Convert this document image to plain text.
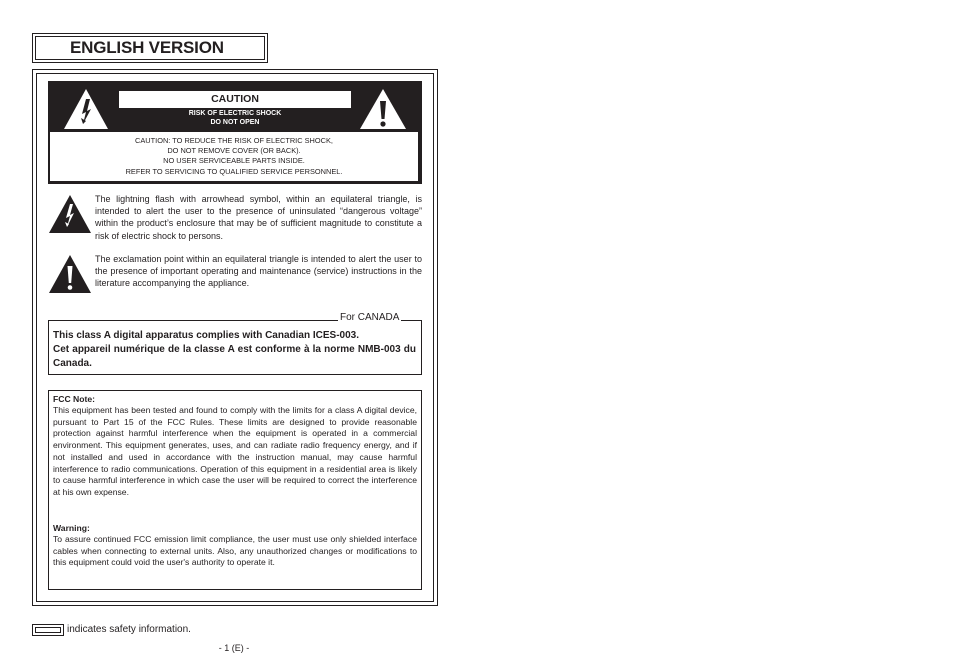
ENGLISH VERSION
CAUTION
RISK OF ELECTRIC SHOCK
DO NOT OPEN
CAUTION: TO REDUCE THE RISK OF ELECTRIC SHOCK,
DO NOT REMOVE COVER (OR BACK).
NO USER SERVICEABLE PARTS INSIDE.
REFER TO SERVICING TO QUALIFIED SERVICE PERSONNEL.
The lightning flash with arrowhead symbol, within an equilateral triangle, is intended to alert the user to the presence of uninsulated “dangerous voltage” within the product’s enclosure that may be of sufficient magnitude to constitute a risk of electric shock to persons.
The exclamation point within an equilateral triangle is intended to alert the user to the presence of important operating and maintenance (service) instructions in the literature accompanying the appliance.
For CANADA
This class A digital apparatus complies with Canadian ICES-003.
Cet appareil numérique de la classe A est conforme à la norme NMB-003 du Canada.
FCC Note:
This equipment has been tested and found to comply with the limits for a class A digital device, pursuant to Part 15 of the FCC Rules. These limits are designed to provide reasonable protection against harmful interference when the equipment is operated in a commercial environment. This equipment generates, uses, and can radiate radio frequency energy, and if not installed and used in accordance with the instruction manual, may cause harmful interference to radio communications. Operation of this equipment in a residential area is likely to cause harmful interference in which case the user will be required to correct the interference at his own expense.
Warning:
To assure continued FCC emission limit compliance, the user must use only shielded interface cables when connecting to external units. Also, any unauthorized changes or modifications to this equipment could void the user's authority to operate it.
indicates safety information.
- 1 (E) -
